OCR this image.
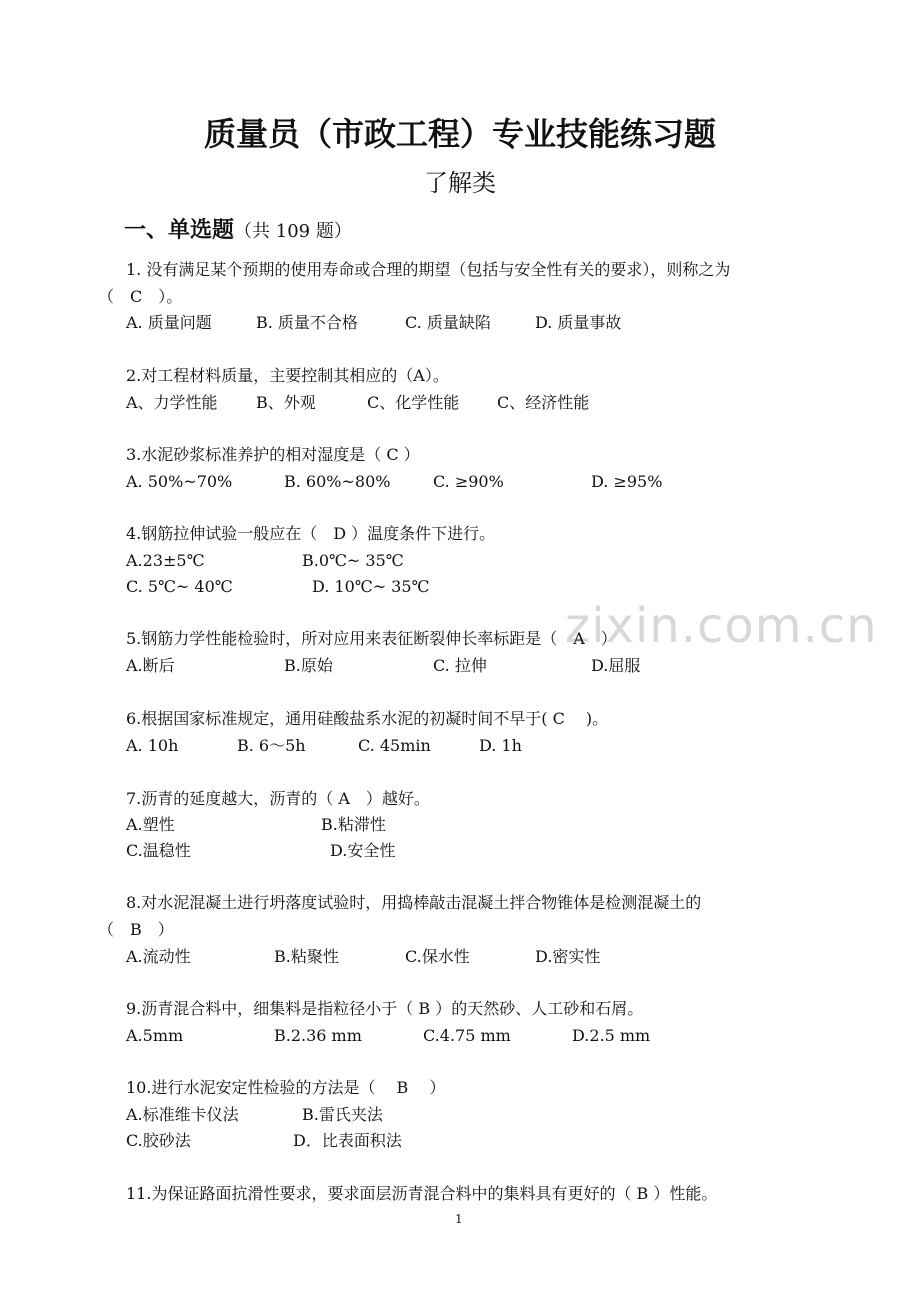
质量员（市政工程）专业技能练习题
了解类
一、单选题（共 109 题）
zixin.com.cn
1. 没有满足某个预期的使用寿命或合理的期望（包括与安全性有关的要求），则称之为
（　C　）。
A. 质量问题	B. 质量不合格	C. 质量缺陷	D. 质量事故
2.对工程材料质量，主要控制其相应的（A）。
A、力学性能 B、外观	C、化学性能 C、经济性能
3.水泥砂浆标准养护的相对湿度是（ C ）
A. 50%~70%	B. 60%~80%	C. ≥90%	D. ≥95%
4.钢筋拉伸试验一般应在（　D ）温度条件下进行。
A.23±5℃	B.0℃~ 35℃
C. 5℃~ 40℃	D. 10℃~ 35℃
5.钢筋力学性能检验时，所对应用来表征断裂伸长率标距是（　A　）
A.断后	B.原始	C. 拉伸	D.屈服
6.根据国家标准规定，通用硅酸盐系水泥的初凝时间不早于( C　 )。
A. 10h	B. 6～5h	C. 45min	D. 1h
7.沥青的延度越大，沥青的（ A　）越好。
A.塑性	B.粘滞性
C.温稳性	D.安全性
8.对水泥混凝土进行坍落度试验时，用捣棒敲击混凝土拌合物锥体是检测混凝土的
（　B　）
A.流动性	B.粘聚性	C.保水性	D.密实性
9.沥青混合料中，细集料是指粒径小于（ B ）的天然砂、人工砂和石屑。
A.5mm	B.2.36 mm	C.4.75 mm	D.2.5 mm
10.进行水泥安定性检验的方法是（　 B　 ）
A.标准维卡仪法	B.雷氏夹法
C.胶砂法	D．比表面积法
11.为保证路面抗滑性要求，要求面层沥青混合料中的集料具有更好的（ B ）性能。
1
